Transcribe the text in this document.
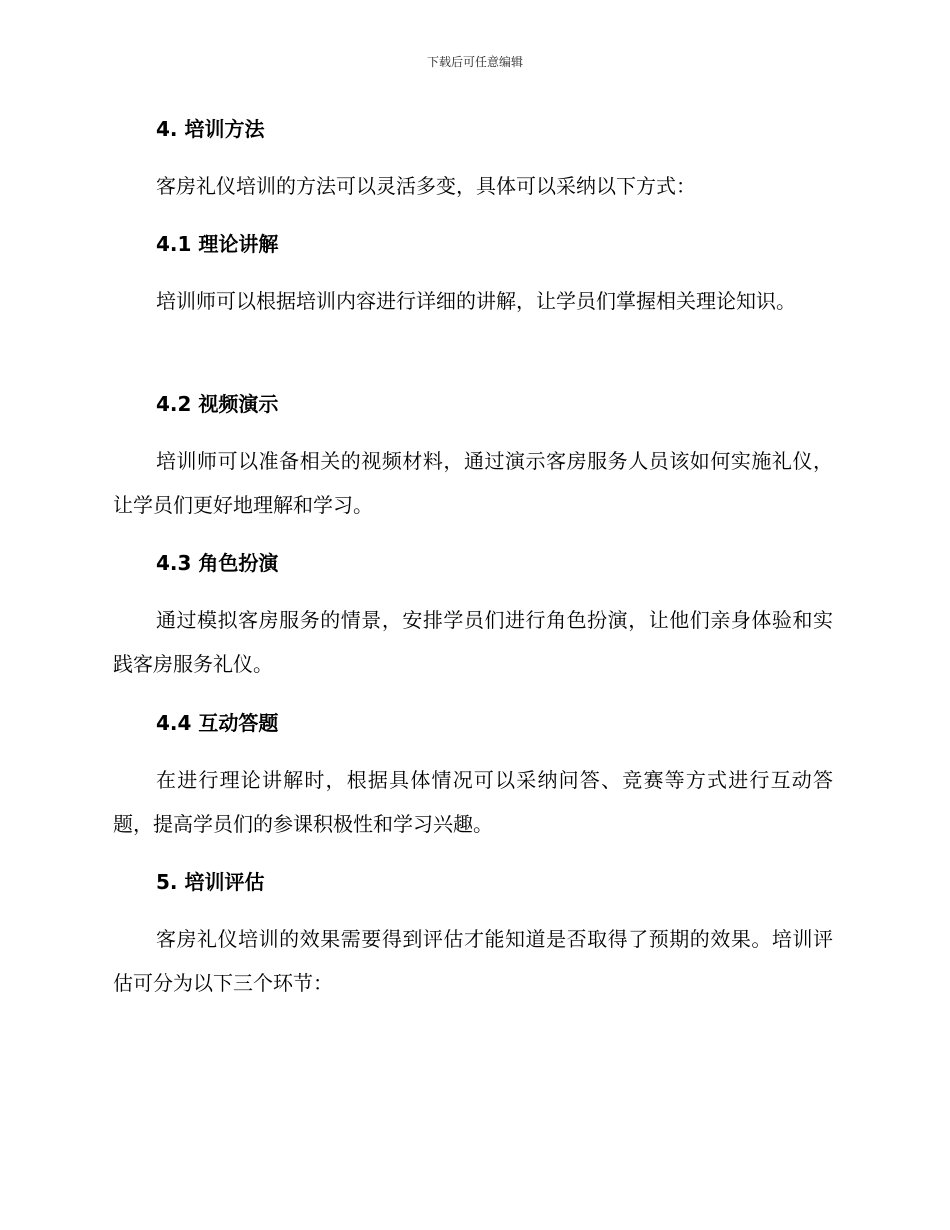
下载后可任意编辑
4. 培训方法
客房礼仪培训的方法可以灵活多变，具体可以采纳以下方式：
4.1 理论讲解
培训师可以根据培训内容进行详细的讲解，让学员们掌握相关理论知识。
4.2 视频演示
培训师可以准备相关的视频材料，通过演示客房服务人员该如何实施礼仪，让学员们更好地理解和学习。
4.3 角色扮演
通过模拟客房服务的情景，安排学员们进行角色扮演，让他们亲身体验和实践客房服务礼仪。
4.4 互动答题
在进行理论讲解时，根据具体情况可以采纳问答、竞赛等方式进行互动答题，提高学员们的参课积极性和学习兴趣。
5. 培训评估
客房礼仪培训的效果需要得到评估才能知道是否取得了预期的效果。培训评估可分为以下三个环节：
